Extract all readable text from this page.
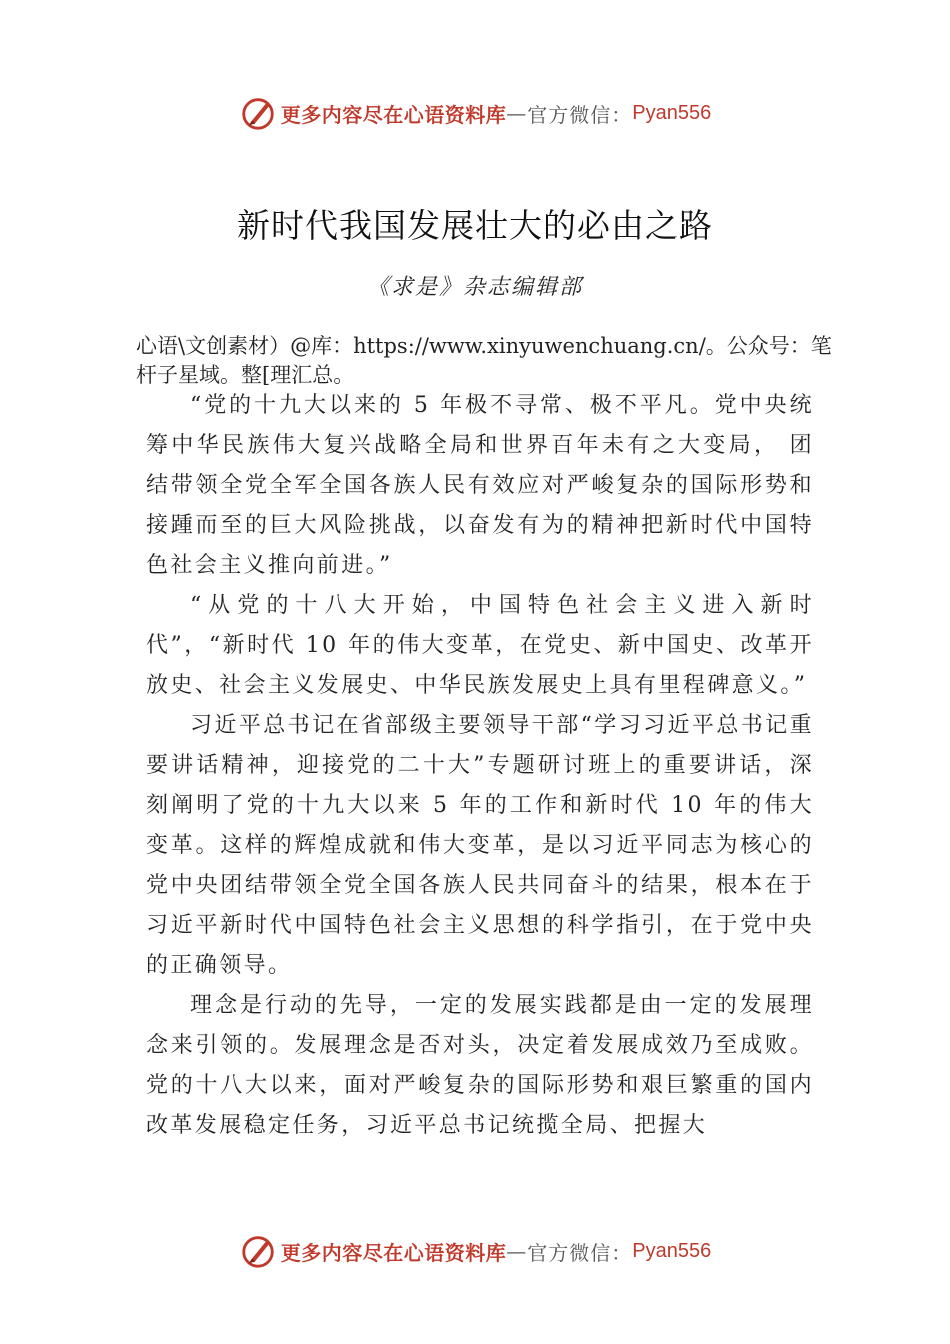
更多内容尽在心语资料库 — 官方微信： Pyan556
新时代我国发展壮大的必由之路
《求是》杂志编辑部
心语\文创素材）@库：https://www.xinyuwenchuang.cn/。公众号：笔杆子星域。整[理汇总。

“党的十九大以来的 5 年极不寻常、极不平凡。党中央统筹中华民族伟大复兴战略全局和世界百年未有之大变局， 团结带领全党全军全国各族人民有效应对严峻复杂的国际形势和接踵而至的巨大风险挑战，以奋发有为的精神把新时代中国特色社会主义推向前进。”

“从党的十八大开始，中国特色社会主义进入新时代”，“新时代 10 年的伟大变革，在党史、新中国史、改革开放史、社会主义发展史、中华民族发展史上具有里程碑意义。”

习近平总书记在省部级主要领导干部“学习习近平总书记重要讲话精神，迎接党的二十大”专题研讨班上的重要讲话，深刻阐明了党的十九大以来 5 年的工作和新时代 10 年的伟大变革。这样的辉煌成就和伟大变革，是以习近平同志为核心的党中央团结带领全党全国各族人民共同奋斗的结果，根本在于习近平新时代中国特色社会主义思想的科学指引，在于党中央的正确领导。

理念是行动的先导，一定的发展实践都是由一定的发展理念来引领的。发展理念是否对头，决定着发展成效乃至成败。党的十八大以来，面对严峻复杂的国际形势和艰巨繁重的国内改革发展稳定任务，习近平总书记统揽全局、把握大

更多内容尽在心语资料库 — 官方微信： Pyan556
